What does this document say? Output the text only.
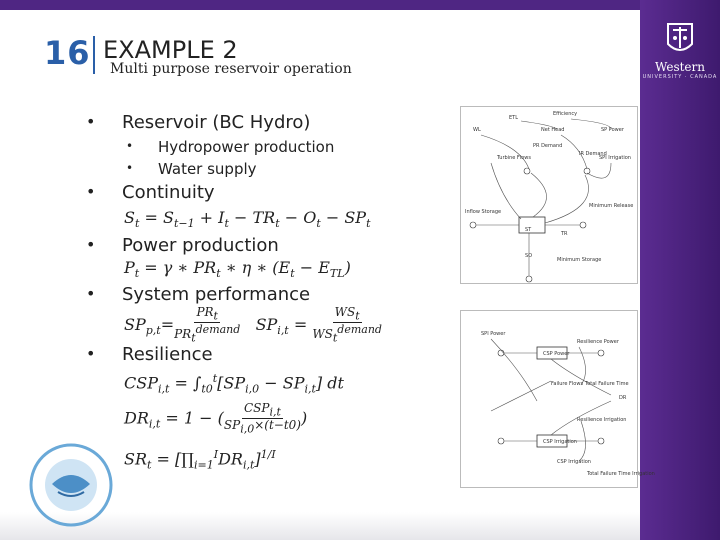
Western
UNIVERSITY · CANADA
16 EXAMPLE 2
Multi purpose reservoir operation
• Reservoir (BC Hydro)
• Hydropower production
• Water supply
• Continuity
$S_t = S_{t-1} + I_t - TR_t - O_t - SP_t$
• Power production
$P_t = \gamma$ ∗ $PR_t$ ∗ η ∗ $(E_t - E_{TL})$
• System performance
$SP_{p,t}= \frac{PR_t}{PR_t^{demand}} SP_{i,t} = \frac{WS_t}{WS_t^{demand}}$
• Resilience
$CSP_{i,t} = \int_{t0}^t[SP_{i,0} - SP_{i,t}]$ dt
$DR_{i,t} = 1$ − ( $\frac{CSP_{i,t}}{SP_{i,0}\times(t-t0)}$ )
$SR_t$ = $[\prod_{i=1}^IDR_{i,t}]^{1/I}$
ETL
Efficiency
WL	Net Head	SP Power
PR Demand
IR Demand
Turbine Flows	SPI Irrigation
Inflow Storage
Minimum Release
Minimum Storage
ST
TR
SO
SPI Power
CSP Power
Failure Flows Total Failure Time
CSP Irrigation
Resilience Irrigation
Resilience Power
DR
CSP Irrigation
Total Failure Time Irrigation
